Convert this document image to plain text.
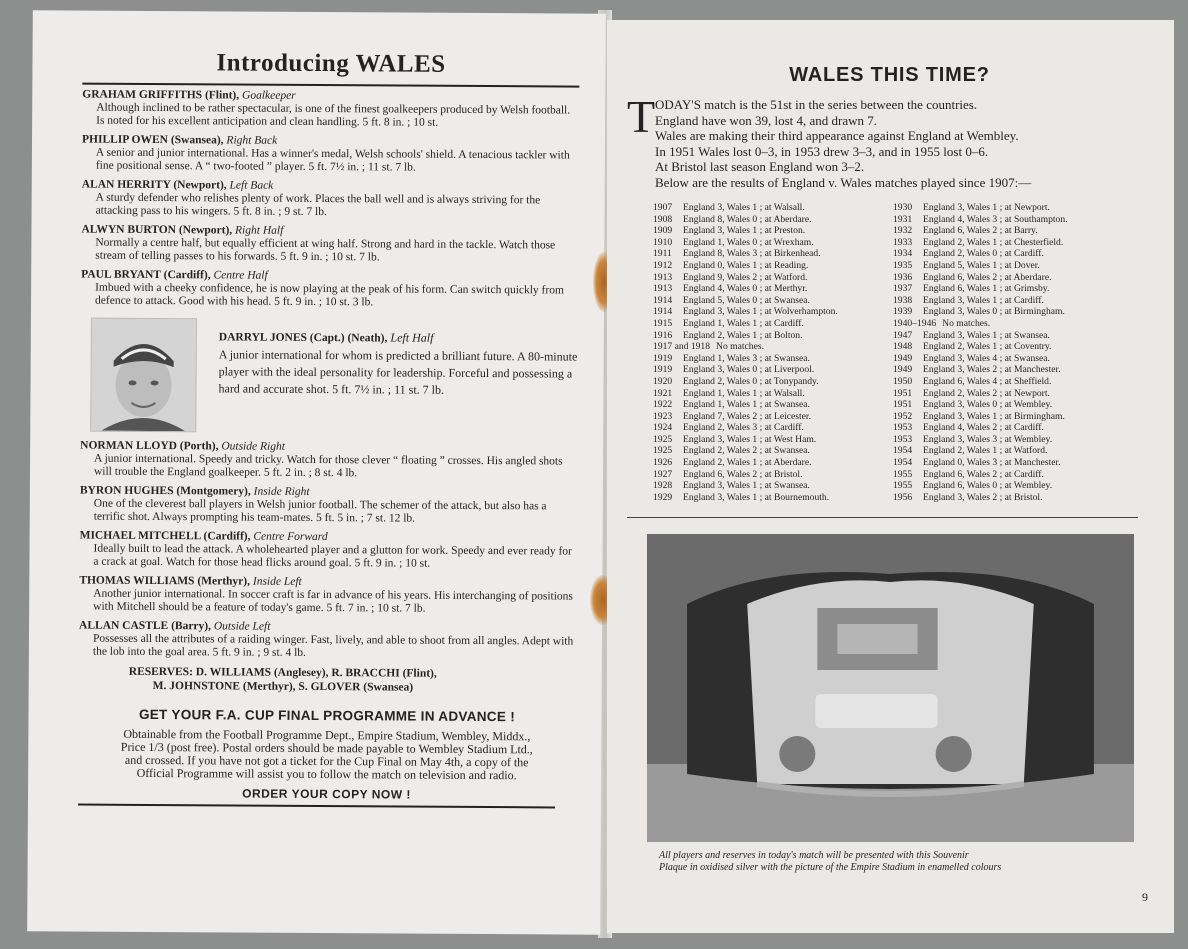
Introducing WALES
GRAHAM GRIFFITHS (Flint), Goalkeeper
Although inclined to be rather spectacular, is one of the finest goalkeepers produced by Welsh football. Is noted for his excellent anticipation and clean handling. 5 ft. 8 in. ; 10 st.
PHILLIP OWEN (Swansea), Right Back
A senior and junior international. Has a winner's medal, Welsh schools' shield. A tenacious tackler with fine positional sense. A “ two-footed ” player. 5 ft. 7½ in. ; 11 st. 7 lb.
ALAN HERRITY (Newport), Left Back
A sturdy defender who relishes plenty of work. Places the ball well and is always striving for the attacking pass to his wingers. 5 ft. 8 in. ; 9 st. 7 lb.
ALWYN BURTON (Newport), Right Half
Normally a centre half, but equally efficient at wing half. Strong and hard in the tackle. Watch those stream of telling passes to his forwards. 5 ft. 9 in. ; 10 st. 7 lb.
PAUL BRYANT (Cardiff), Centre Half
Imbued with a cheeky confidence, he is now playing at the peak of his form. Can switch quickly from defence to attack. Good with his head. 5 ft. 9 in. ; 10 st. 3 lb.
DARRYL JONES (Capt.) (Neath), Left Half
A junior international for whom is predicted a brilliant future. A 80-minute player with the ideal personality for leadership. Forceful and possessing a hard and accurate shot. 5 ft. 7½ in. ; 11 st. 7 lb.
NORMAN LLOYD (Porth), Outside Right
A junior international. Speedy and tricky. Watch for those clever “ floating ” crosses. His angled shots will trouble the England goalkeeper. 5 ft. 2 in. ; 8 st. 4 lb.
BYRON HUGHES (Montgomery), Inside Right
One of the cleverest ball players in Welsh junior football. The schemer of the attack, but also has a terrific shot. Always prompting his team-mates. 5 ft. 5 in. ; 7 st. 12 lb.
MICHAEL MITCHELL (Cardiff), Centre Forward
Ideally built to lead the attack. A wholehearted player and a glutton for work. Speedy and ever ready for a crack at goal. Watch for those head flicks around goal. 5 ft. 9 in. ; 10 st.
THOMAS WILLIAMS (Merthyr), Inside Left
Another junior international. In soccer craft is far in advance of his years. His interchanging of positions with Mitchell should be a feature of today's game. 5 ft. 7 in. ; 10 st. 7 lb.
ALLAN CASTLE (Barry), Outside Left
Possesses all the attributes of a raiding winger. Fast, lively, and able to shoot from all angles. Adept with the lob into the goal area. 5 ft. 9 in. ; 9 st. 4 lb.
RESERVES: D. WILLIAMS (Anglesey), R. BRACCHI (Flint),
M. JOHNSTONE (Merthyr), S. GLOVER (Swansea)
GET YOUR F.A. CUP FINAL PROGRAMME IN ADVANCE !
Obtainable from the Football Programme Dept., Empire Stadium, Wembley, Middx., Price 1/3 (post free). Postal orders should be made payable to Wembley Stadium Ltd., and crossed. If you have not got a ticket for the Cup Final on May 4th, a copy of the Official Programme will assist you to follow the match on television and radio.
ORDER YOUR COPY NOW !
WALES THIS TIME?
T ODAY'S match is the 51st in the series between the countries.
England have won 39, lost 4, and drawn 7.
Wales are making their third appearance against England at Wembley.
In 1951 Wales lost 0–3, in 1953 drew 3–3, and in 1955 lost 0–6.
At Bristol last season England won 3–2.
Below are the results of England v. Wales matches played since 1907:—
1907 England 3, Wales 1 ; at Walsall.
1908 England 8, Wales 0 ; at Aberdare.
1909 England 3, Wales 1 ; at Preston.
1910 England 1, Wales 0 ; at Wrexham.
1911 England 8, Wales 3 ; at Birkenhead.
1912 England 0, Wales 1 ; at Reading.
1913 England 9, Wales 2 ; at Watford.
1913 England 4, Wales 0 ; at Merthyr.
1914 England 5, Wales 0 ; at Swansea.
1914 England 3, Wales 1 ; at Wolverhampton.
1915 England 1, Wales 1 ; at Cardiff.
1916 England 2, Wales 1 ; at Bolton.
1917 and 1918 No matches.
1919 England 1, Wales 3 ; at Swansea.
1919 England 3, Wales 0 ; at Liverpool.
1920 England 2, Wales 0 ; at Tonypandy.
1921 England 1, Wales 1 ; at Walsall.
1922 England 1, Wales 1 ; at Swansea.
1923 England 7, Wales 2 ; at Leicester.
1924 England 2, Wales 3 ; at Cardiff.
1925 England 3, Wales 1 ; at West Ham.
1925 England 2, Wales 2 ; at Swansea.
1926 England 2, Wales 1 ; at Aberdare.
1927 England 6, Wales 2 ; at Bristol.
1928 England 3, Wales 1 ; at Swansea.
1929 England 3, Wales 1 ; at Bournemouth.
1930 England 3, Wales 1 ; at Newport.
1931 England 4, Wales 3 ; at Southampton.
1932 England 6, Wales 2 ; at Barry.
1933 England 2, Wales 1 ; at Chesterfield.
1934 England 2, Wales 0 ; at Cardiff.
1935 England 5, Wales 1 ; at Dover.
1936 England 6, Wales 2 ; at Aberdare.
1937 England 6, Wales 1 ; at Grimsby.
1938 England 3, Wales 1 ; at Cardiff.
1939 England 3, Wales 0 ; at Birmingham.
1940–1946 No matches.
1947 England 3, Wales 1 ; at Swansea.
1948 England 2, Wales 1 ; at Coventry.
1949 England 3, Wales 4 ; at Swansea.
1949 England 3, Wales 2 ; at Manchester.
1950 England 6, Wales 4 ; at Sheffield.
1951 England 2, Wales 2 ; at Newport.
1951 England 3, Wales 0 ; at Wembley.
1952 England 3, Wales 1 ; at Birmingham.
1953 England 4, Wales 2 ; at Cardiff.
1953 England 3, Wales 3 ; at Wembley.
1954 England 2, Wales 1 ; at Watford.
1954 England 0, Wales 3 ; at Manchester.
1955 England 6, Wales 2 ; at Cardiff.
1955 England 6, Wales 0 ; at Wembley.
1956 England 3, Wales 2 ; at Bristol.
All players and reserves in today's match will be presented with this Souvenir
Plaque in oxidised silver with the picture of the Empire Stadium in enamelled colours
9
